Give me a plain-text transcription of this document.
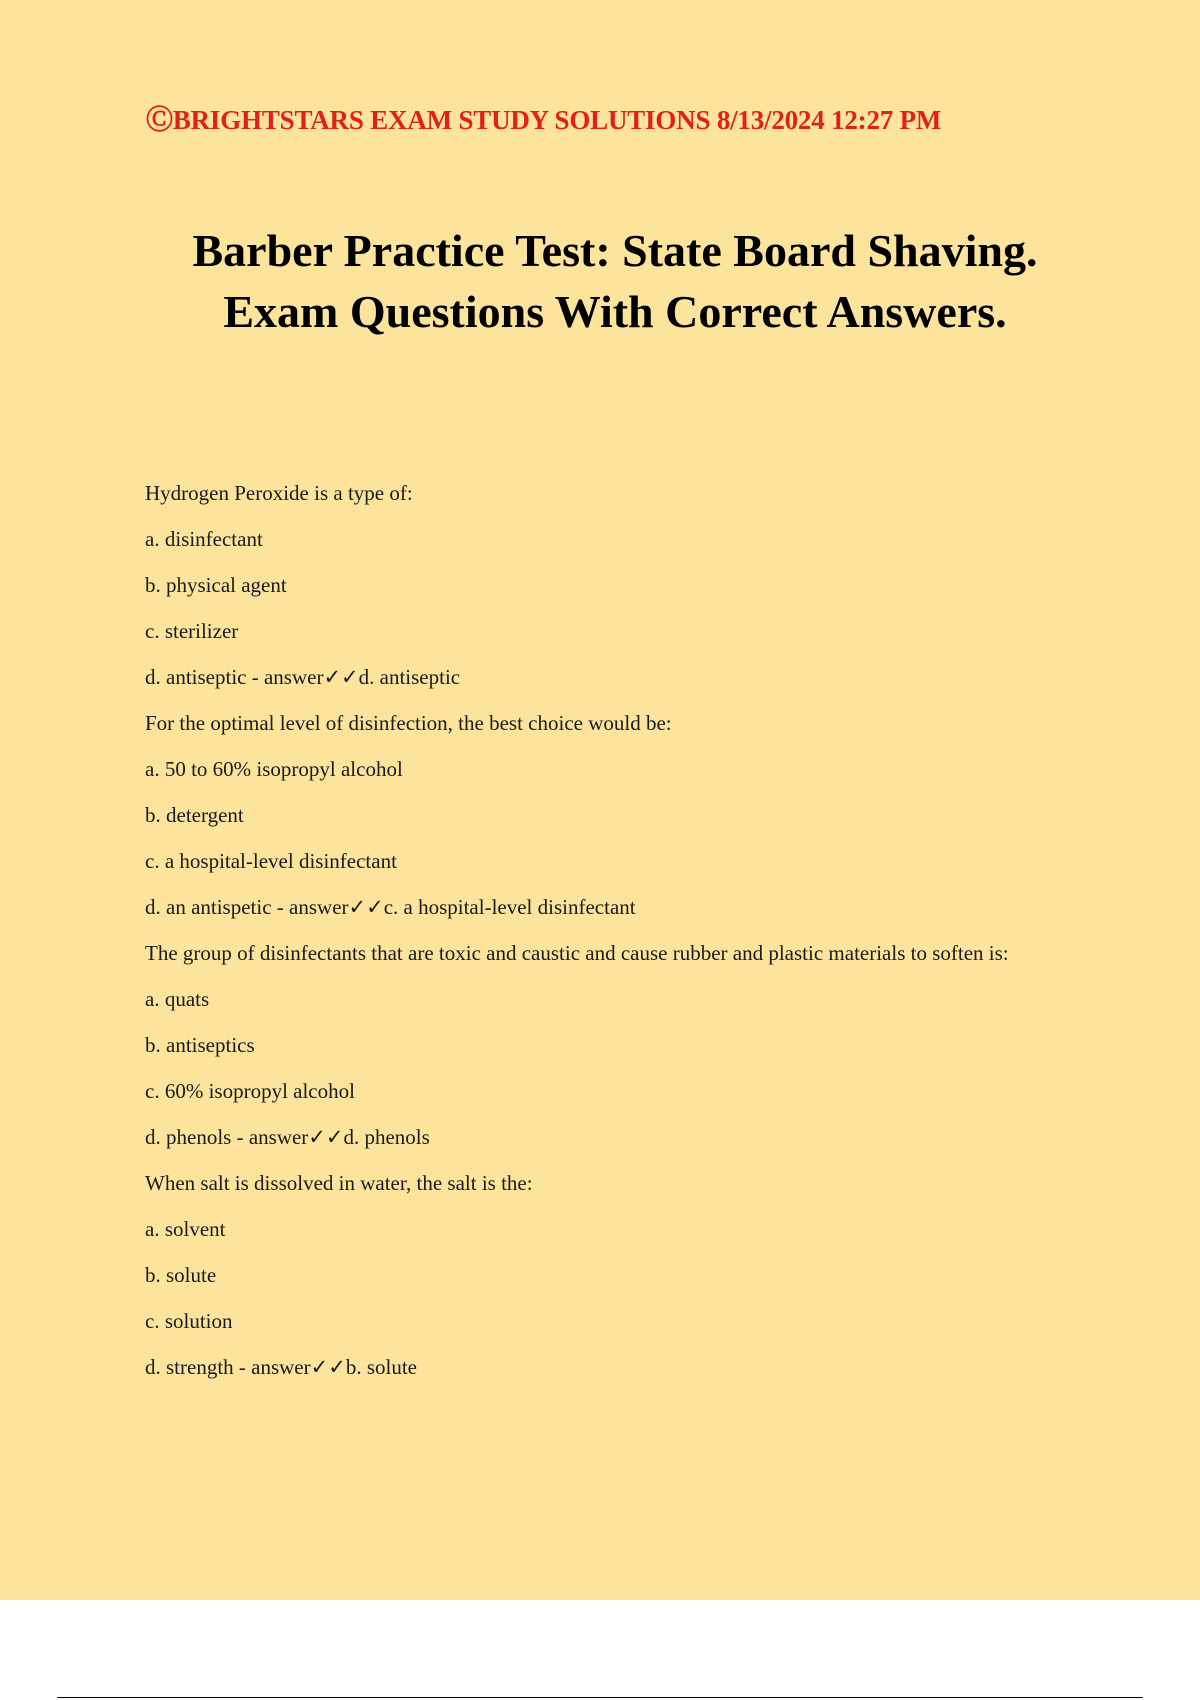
ⒸBRIGHTSTARS EXAM STUDY SOLUTIONS 8/13/2024 12:27 PM
Barber Practice Test: State Board Shaving.
Exam Questions With Correct Answers.
Hydrogen Peroxide is a type of:
a. disinfectant
b. physical agent
c. sterilizer
d. antiseptic - answer✓✓d. antiseptic
For the optimal level of disinfection, the best choice would be:
a. 50 to 60% isopropyl alcohol
b. detergent
c. a hospital-level disinfectant
d. an antispetic - answer✓✓c. a hospital-level disinfectant
The group of disinfectants that are toxic and caustic and cause rubber and plastic materials to soften is:
a. quats
b. antiseptics
c. 60% isopropyl alcohol
d. phenols - answer✓✓d. phenols
When salt is dissolved in water, the salt is the:
a. solvent
b. solute
c. solution
d. strength - answer✓✓b. solute
